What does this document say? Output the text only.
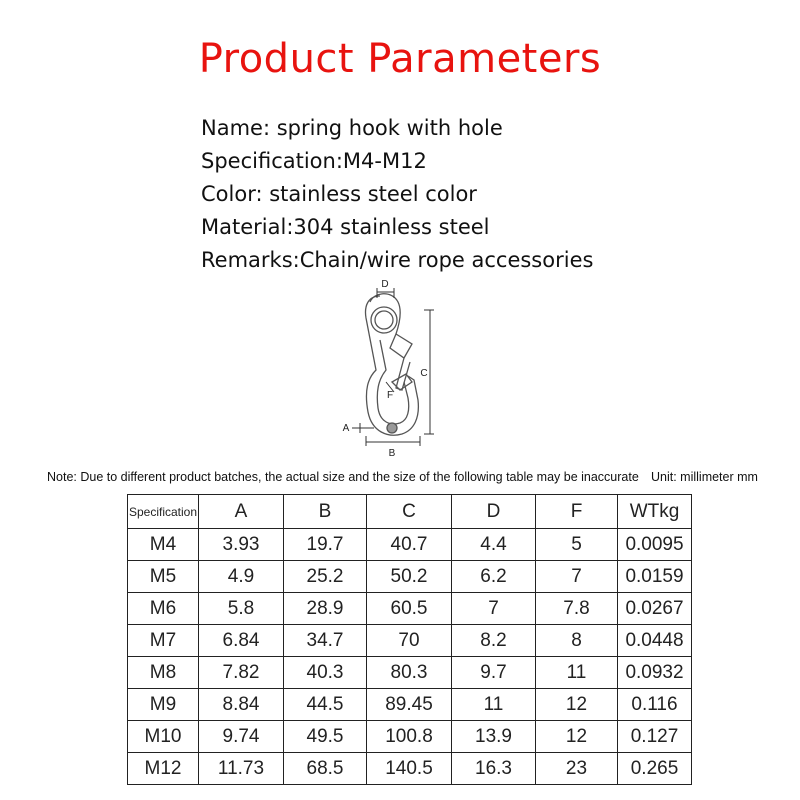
Product Parameters
Name: spring hook with hole
Specification:M4-M12
Color: stainless steel color
Material:304 stainless steel
Remarks:Chain/wire rope accessories
D
C
B
A
F
Note: Due to different product batches, the actual size and the size of the following table may be inaccurate Unit: millimeter mm
Specification	A	B	C	D	F	WTkg
M4	3.93	19.7	40.7	4.4	5	0.0095
M5	4.9	25.2	50.2	6.2	7	0.0159
M6	5.8	28.9	60.5	7	7.8	0.0267
M7	6.84	34.7	70	8.2	8	0.0448
M8	7.82	40.3	80.3	9.7	11	0.0932
M9	8.84	44.5	89.45	11	12	0.116
M10	9.74	49.5	100.8	13.9	12	0.127
M12	11.73	68.5	140.5	16.3	23	0.265
